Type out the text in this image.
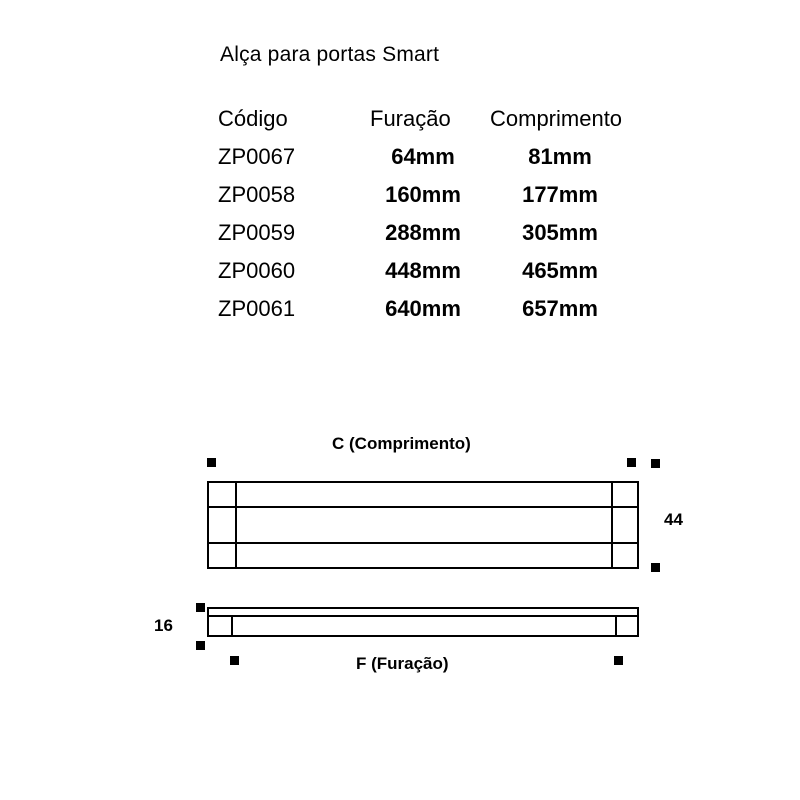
Alça para portas Smart
Código	Furação	Comprimento
ZP0067	64mm	81mm
ZP0058	160mm	177mm
ZP0059	288mm	305mm
ZP0060	448mm	465mm
ZP0061	640mm	657mm
C (Comprimento)
F (Furação)
44
16
